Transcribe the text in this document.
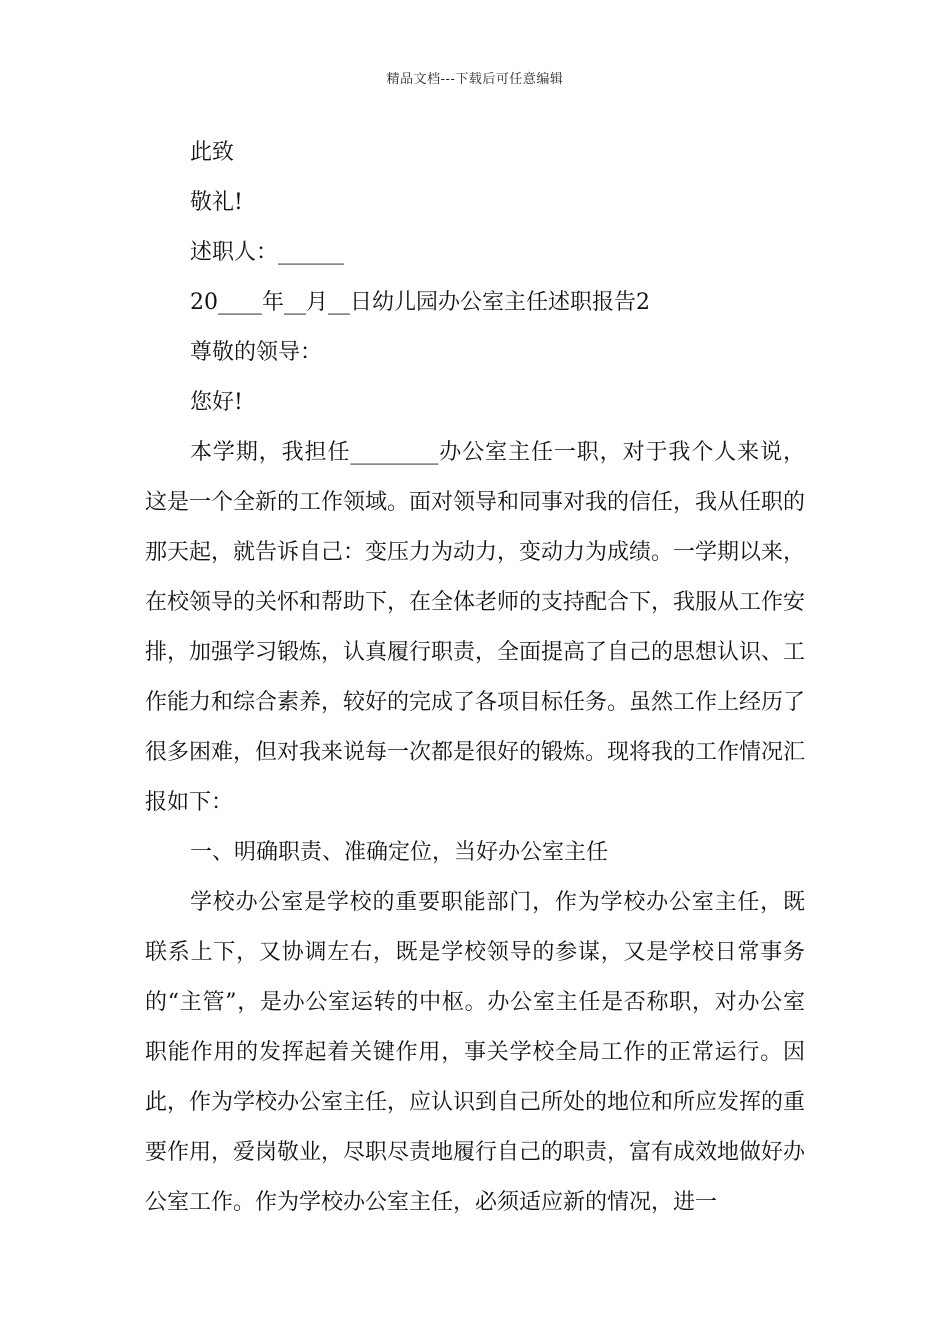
精品文档---下载后可任意编辑
此致
敬礼!
述职人：______
20____年__月__日幼儿园办公室主任述职报告2
尊敬的领导：
您好!

本学期，我担任________办公室主任一职，对于我个人来说，这是一个全新的工作领域。面对领导和同事对我的信任，我从任职的那天起，就告诉自己：变压力为动力，变动力为成绩。一学期以来，在校领导的关怀和帮助下，在全体老师的支持配合下，我服从工作安排，加强学习锻炼，认真履行职责，全面提高了自己的思想认识、工作能力和综合素养，较好的完成了各项目标任务。虽然工作上经历了很多困难，但对我来说每一次都是很好的锻炼。现将我的工作情况汇报如下：

一、明确职责、准确定位，当好办公室主任

学校办公室是学校的重要职能部门，作为学校办公室主任，既联系上下，又协调左右，既是学校领导的参谋，又是学校日常事务的“主管”，是办公室运转的中枢。办公室主任是否称职，对办公室职能作用的发挥起着关键作用，事关学校全局工作的正常运行。因此，作为学校办公室主任，应认识到自己所处的地位和所应发挥的重要作用，爱岗敬业，尽职尽责地履行自己的职责，富有成效地做好办公室工作。作为学校办公室主任，必须适应新的情况，进一
